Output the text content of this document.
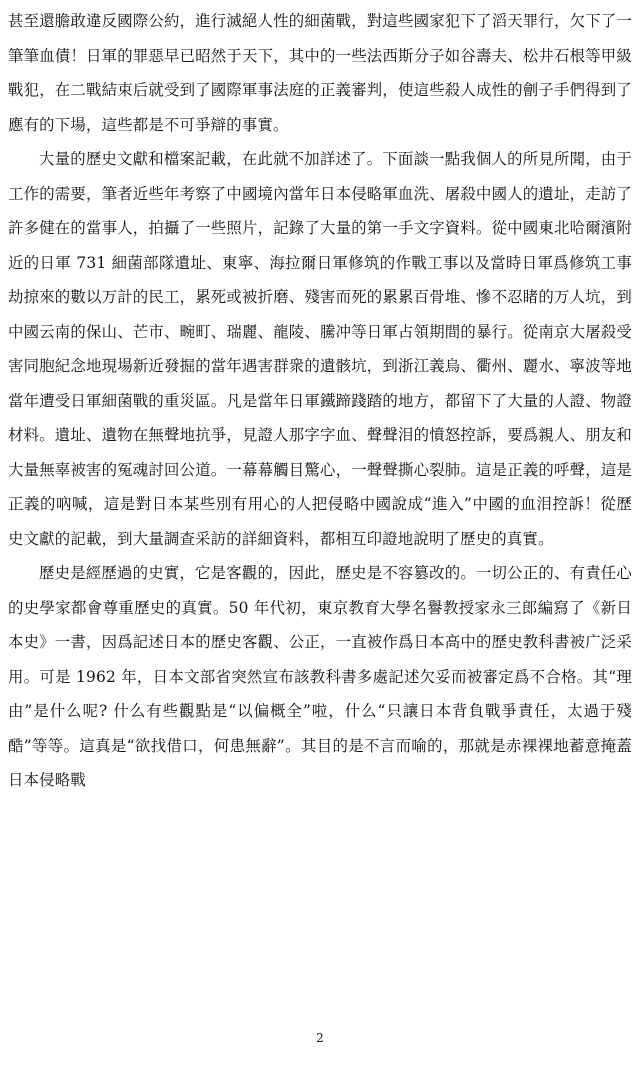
甚至還膽敢違反國際公約，進行滅絕人性的細菌戰，對這些國家犯下了滔天罪行，欠下了一筆筆血債！日軍的罪惡早已昭然于天下，其中的一些法西斯分子如谷壽夫、松井石根等甲級戰犯，在二戰結束后就受到了國際軍事法庭的正義審判，使這些殺人成性的劊子手們得到了應有的下場，這些都是不可爭辯的事實。

大量的歷史文獻和檔案記載，在此就不加詳述了。下面談一點我個人的所見所聞，由于工作的需要，筆者近些年考察了中國境內當年日本侵略軍血洗、屠殺中國人的遺址，走訪了許多健在的當事人，拍攝了一些照片，記錄了大量的第一手文字資料。從中國東北哈爾濱附近的日軍 731 細菌部隊遺址、東寧、海拉爾日軍修筑的作戰工事以及當時日軍爲修筑工事劫掠來的數以万計的民工，累死或被折磨、殘害而死的累累百骨堆、慘不忍睹的万人坑，到中國云南的保山、芒市、畹町、瑞麗、龍陵、騰冲等日軍占領期間的暴行。從南京大屠殺受害同胞紀念地現場新近發掘的當年遇害群衆的遺骸坑，到浙江義烏、衢州、麗水、寧波等地當年遭受日軍細菌戰的重災區。凡是當年日軍鐵蹄踐踏的地方，都留下了大量的人證、物證材料。遺址、遺物在無聲地抗爭，見證人那字字血、聲聲泪的憤怒控訴，要爲親人、朋友和大量無辜被害的冤魂討回公道。一幕幕觸目驚心，一聲聲撕心裂肺。這是正義的呼聲，這是正義的吶喊，這是對日本某些別有用心的人把侵略中國說成“進入”中國的血泪控訴！從歷史文獻的記載，到大量調查采訪的詳細資料，都相互印證地說明了歷史的真實。

歷史是經歷過的史實，它是客觀的，因此，歷史是不容篡改的。一切公正的、有責任心的史學家都會尊重歷史的真實。50 年代初，東京教育大學名譽教授家永三郎編寫了《新日本史》一書，因爲記述日本的歷史客觀、公正，一直被作爲日本高中的歷史教科書被广泛采用。可是 1962 年，日本文部省突然宣布該教科書多處記述欠妥而被審定爲不合格。其“理由”是什么呢? 什么有些觀點是“以偏概全”啦，什么“只讓日本背負戰爭責任，太過于殘酷”等等。這真是“欲找借口，何患無辭”。其目的是不言而喻的，那就是赤裸裸地蓄意掩蓋日本侵略戰

2
